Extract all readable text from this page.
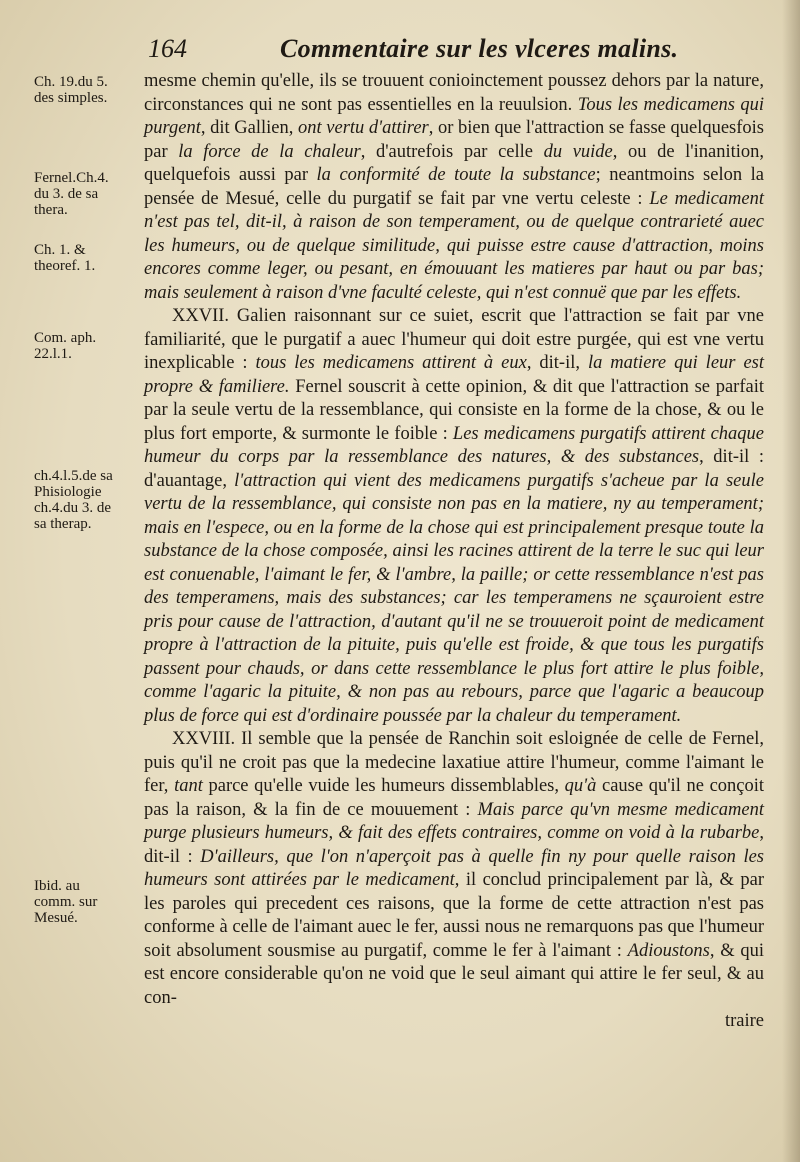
164	Commentaire sur les vlceres malins.
Ch. 19.du 5.
des simples.
Fernel.Ch.4.
du 3. de sa
thera.
Ch. 1. &
theoref. 1.
Com. aph.
22.l.1.
ch.4.l.5.de sa
Phisiologie
ch.4.du 3. de
sa therap.
Ibid. au
comm. sur
Mesué.

mesme chemin qu'elle, ils se trouuent conioinctement poussez dehors par la nature, circonstances qui ne sont pas essentielles en la reuulsion. Tous les medicamens qui purgent, dit Gallien, ont vertu d'attirer, or bien que l'attraction se fasse quelquesfois par la force de la chaleur, d'autrefois par celle du vuide, ou de l'inanition, quelquefois aussi par la conformité de toute la substance; neantmoins selon la pensée de Mesué, celle du purgatif se fait par vne vertu celeste : Le medicament n'est pas tel, dit-il, à raison de son temperament, ou de quelque contrarieté auec les humeurs, ou de quelque similitude, qui puisse estre cause d'attraction, moins encores comme leger, ou pesant, en émouuant les matieres par haut ou par bas; mais seulement à raison d'vne faculté celeste, qui n'est connuë que par les effets.

XXVII. Galien raisonnant sur ce suiet, escrit que l'attraction se fait par vne familiarité, que le purgatif a auec l'humeur qui doit estre purgée, qui est vne vertu inexplicable : tous les medicamens attirent à eux, dit-il, la matiere qui leur est propre & familiere. Fernel souscrit à cette opinion, & dit que l'attraction se parfait par la seule vertu de la ressemblance, qui consiste en la forme de la chose, & ou le plus fort emporte, & surmonte le foible : Les medicamens purgatifs attirent chaque humeur du corps par la ressemblance des natures, & des substances, dit-il : d'auantage, l'attraction qui vient des medicamens purgatifs s'acheue par la seule vertu de la ressemblance, qui consiste non pas en la matiere, ny au temperament; mais en l'espece, ou en la forme de la chose qui est principalement presque toute la substance de la chose composée, ainsi les racines attirent de la terre le suc qui leur est conuenable, l'aimant le fer, & l'ambre, la paille; or cette ressemblance n'est pas des temperamens, mais des substances; car les temperamens ne sçauroient estre pris pour cause de l'attraction, d'autant qu'il ne se trouueroit point de medicament propre à l'attraction de la pituite, puis qu'elle est froide, & que tous les purgatifs passent pour chauds, or dans cette ressemblance le plus fort attire le plus foible, comme l'agaric la pituite, & non pas au rebours, parce que l'agaric a beaucoup plus de force qui est d'ordinaire poussée par la chaleur du temperament.

XXVIII. Il semble que la pensée de Ranchin soit esloignée de celle de Fernel, puis qu'il ne croit pas que la medecine laxatiue attire l'humeur, comme l'aimant le fer, tant parce qu'elle vuide les humeurs dissemblables, qu'à cause qu'il ne conçoit pas la raison, & la fin de ce mouuement : Mais parce qu'vn mesme medicament purge plusieurs humeurs, & fait des effets contraires, comme on void à la rubarbe, dit-il : D'ailleurs, que l'on n'aperçoit pas à quelle fin ny pour quelle raison les humeurs sont attirées par le medicament, il conclud principalement par là, & par les paroles qui precedent ces raisons, que la forme de cette attraction n'est pas conforme à celle de l'aimant auec le fer, aussi nous ne remarquons pas que l'humeur soit absolument sousmise au purgatif, comme le fer à l'aimant : Adioustons, & qui est encore considerable qu'on ne void que le seul aimant qui attire le fer seul, & au con-

traire
